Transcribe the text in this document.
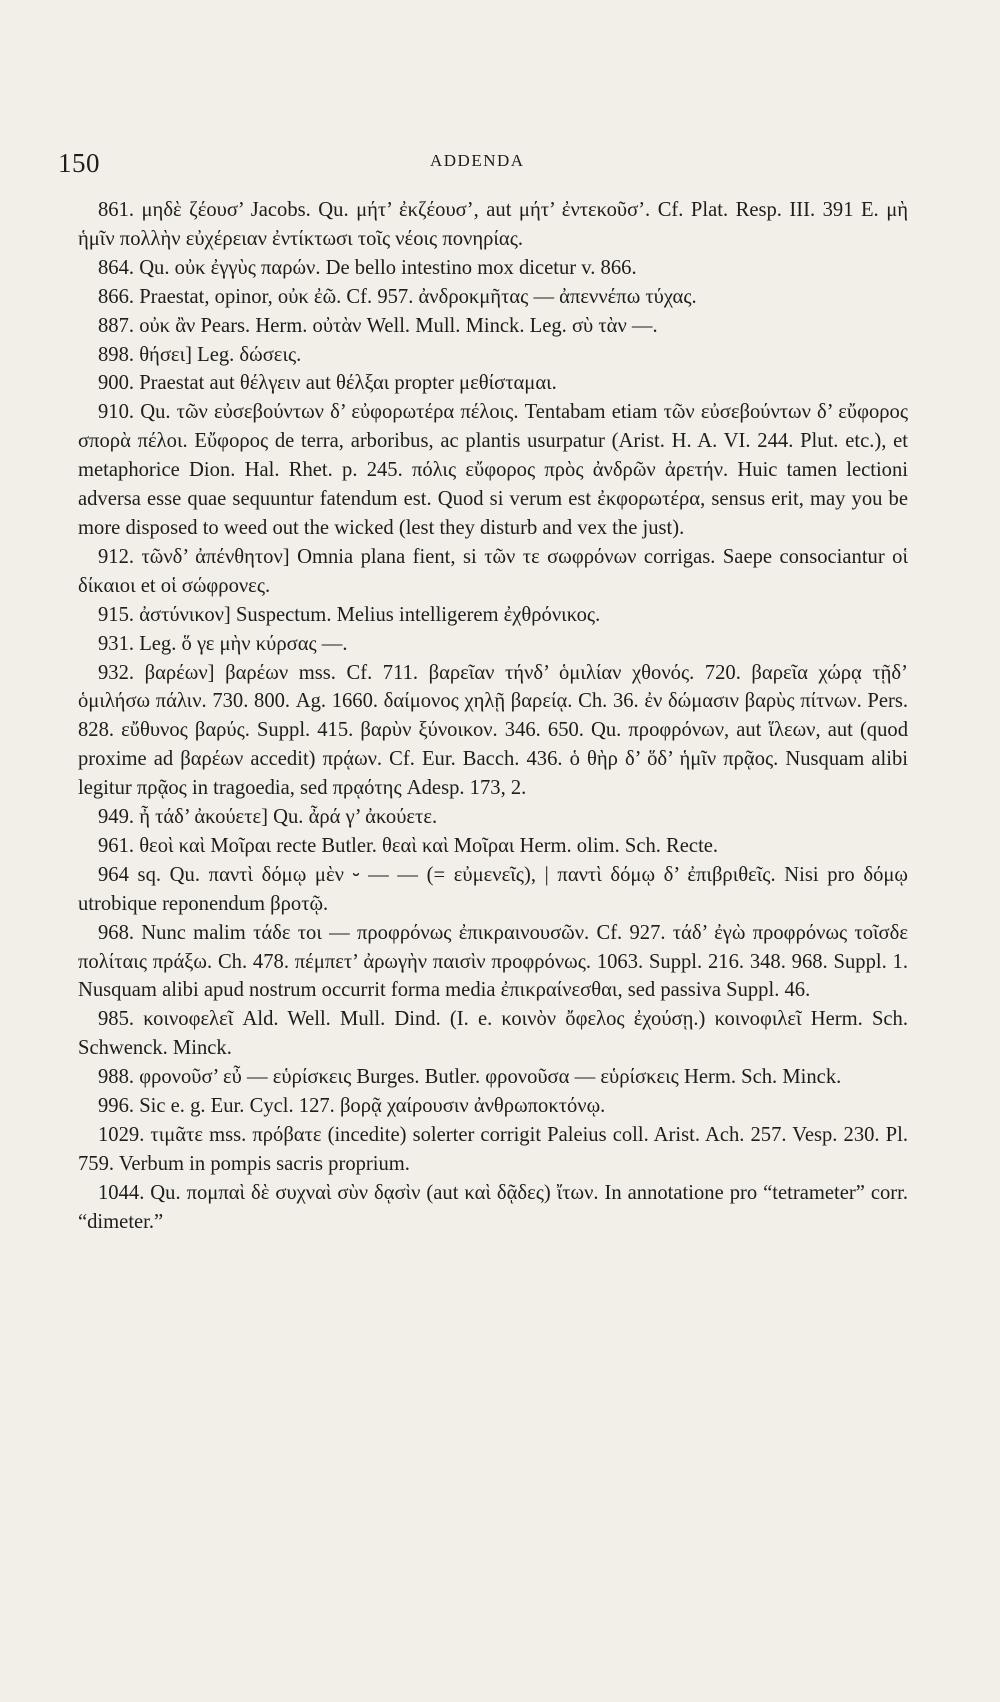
150	ADDENDA

861. μηδὲ ζέουσ’ Jacobs. Qu. μήτ’ ἐκζέουσ’, aut μήτ’ ἐντεκοῦσ’. Cf. Plat. Resp. III. 391 E. μὴ ἡμῖν πολλὴν εὐχέρειαν ἐντίκτωσι τοῖς νέοις πονηρίας.

864. Qu. οὐκ ἐγγὺς παρών. De bello intestino mox dicetur v. 866.

866. Praestat, opinor, οὐκ ἐῶ. Cf. 957. ἀνδροκμῆτας — ἀπεννέπω τύχας.

887. οὐκ ἂν Pears. Herm. οὐτὰν Well. Mull. Minck. Leg. σὺ τὰν —.

898. θήσει] Leg. δώσεις.

900. Praestat aut θέλγειν aut θέλξαι propter μεθίσταμαι.

910. Qu. τῶν εὐσεβούντων δ’ εὐφορωτέρα πέλοις. Tentabam etiam τῶν εὐσεβούντων δ’ εὔφορος σπορὰ πέλοι. Εὔφορος de terra, arboribus, ac plantis usurpatur (Arist. H. A. VI. 244. Plut. etc.), et metaphorice Dion. Hal. Rhet. p. 245. πόλις εὔφορος πρὸς ἀνδρῶν ἀρετήν. Huic tamen lectioni adversa esse quae sequuntur fatendum est. Quod si verum est ἐκφορωτέρα, sensus erit, may you be more disposed to weed out the wicked (lest they disturb and vex the just).

912. τῶνδ’ ἀπένθητον] Omnia plana fient, si τῶν τε σωφρόνων corrigas. Saepe consociantur οἱ δίκαιοι et οἱ σώφρονες.

915. ἀστύνικον] Suspectum. Melius intelligerem ἐχθρόνικος.

931. Leg. ὅ γε μὴν κύρσας —.

932. βαρέων] βαρέων mss. Cf. 711. βαρεῖαν τήνδ’ ὁμιλίαν χθονός. 720. βαρεῖα χώρᾳ τῇδ’ ὁμιλήσω πάλιν. 730. 800. Ag. 1660. δαίμονος χηλῇ βαρείᾳ. Ch. 36. ἐν δώμασιν βαρὺς πίτνων. Pers. 828. εὔθυνος βαρύς. Suppl. 415. βαρὺν ξύνοικον. 346. 650. Qu. προφρόνων, aut ἵλεων, aut (quod proxime ad βαρέων accedit) πρᾴων. Cf. Eur. Bacch. 436. ὁ θὴρ δ’ ὅδ’ ἡμῖν πρᾷος. Nusquam alibi legitur πρᾷος in tragoedia, sed πρᾳότης Adesp. 173, 2.

949. ἦ τάδ’ ἀκούετε] Qu. ἆρά γ’ ἀκούετε.

961. θεοὶ καὶ Μοῖραι recte Butler. θεαὶ καὶ Μοῖραι Herm. olim. Sch. Recte.

964 sq. Qu. παντὶ δόμῳ μὲν ⏑ — — (= εὐμενεῖς), | παντὶ δόμῳ δ’ ἐπιβριθεῖς. Nisi pro δόμῳ utrobique reponendum βροτῷ.

968. Nunc malim τάδε τοι — προφρόνως ἐπικραινουσῶν. Cf. 927. τάδ’ ἐγὼ προφρόνως τοῖσδε πολίταις πράξω. Ch. 478. πέμπετ’ ἀρωγὴν παισὶν προφρόνως. 1063. Suppl. 216. 348. 968. Suppl. 1. Nusquam alibi apud nostrum occurrit forma media ἐπικραίνεσθαι, sed passiva Suppl. 46.

985. κοινοφελεῖ Ald. Well. Mull. Dind. (I. e. κοινὸν ὄφελος ἐχούσῃ.) κοινοφιλεῖ Herm. Sch. Schwenck. Minck.

988. φρονοῦσ’ εὖ — εὑρίσκεις Burges. Butler. φρονοῦσα — εὑρίσκεις Herm. Sch. Minck.

996. Sic e. g. Eur. Cycl. 127. βορᾷ χαίρουσιν ἀνθρωποκτόνῳ.

1029. τιμᾶτε mss. πρόβατε (incedite) solerter corrigit Paleius coll. Arist. Ach. 257. Vesp. 230. Pl. 759. Verbum in pompis sacris proprium.

1044. Qu. πομπαὶ δὲ συχναὶ σὺν δᾳσὶν (aut καὶ δᾷδες) ἴτων. In annotatione pro “tetrameter” corr. “dimeter.”
